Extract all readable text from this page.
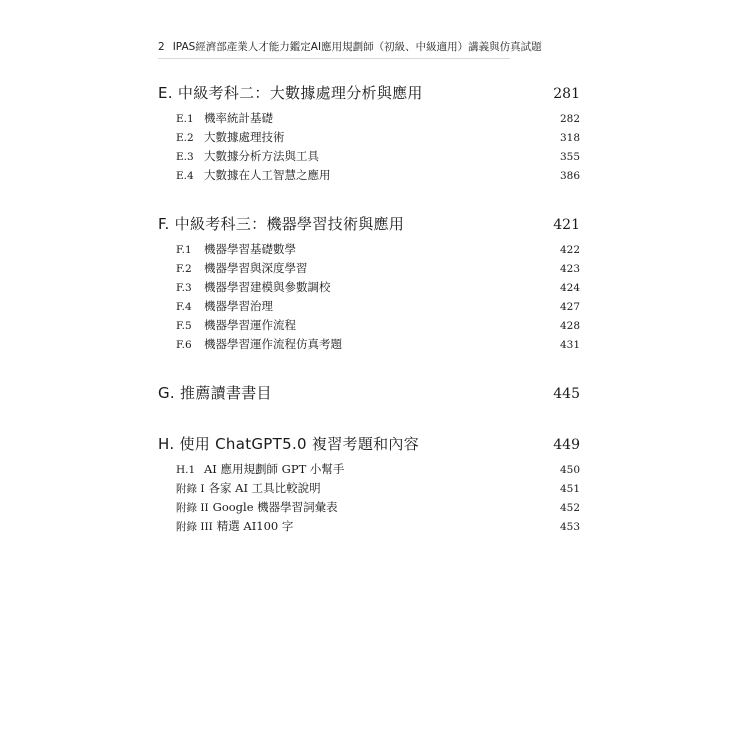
2 IPAS經濟部產業人才能力鑑定AI應用規劃師（初級、中級適用）講義與仿真試題
E. 中級考科二：大數據處理分析與應用	281
E.1 機率統計基礎	282
E.2 大數據處理技術	318
E.3 大數據分析方法與工具	355
E.4 大數據在人工智慧之應用	386
F. 中級考科三：機器學習技術與應用	421
F.1 機器學習基礎數學	422
F.2 機器學習與深度學習	423
F.3 機器學習建模與參數調校	424
F.4 機器學習治理	427
F.5 機器學習運作流程	428
F.6 機器學習運作流程仿真考題	431
G. 推薦讀書書目	445
H. 使用 ChatGPT5.0 複習考題和內容	449
H.1 AI 應用規劃師 GPT 小幫手	450
附錄 I 各家 AI 工具比較說明	451
附錄 II Google 機器學習詞彙表	452
附錄 III 精選 AI100 字	453
